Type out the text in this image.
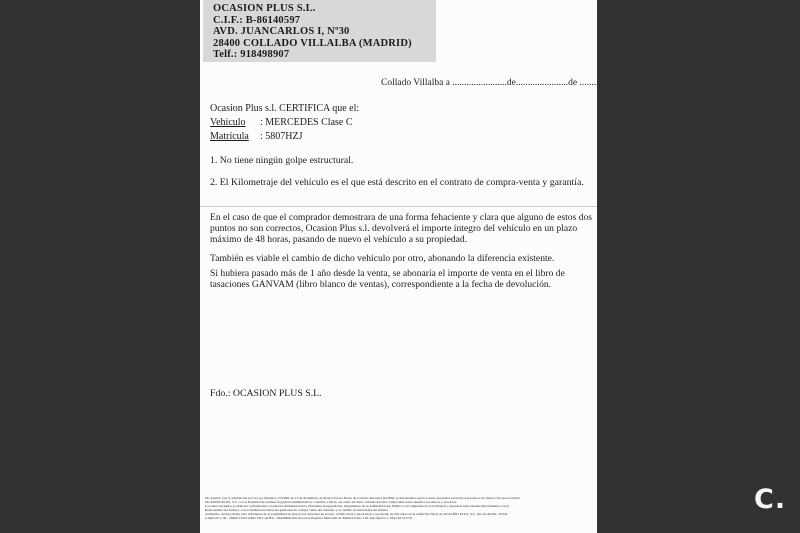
OCASION PLUS S.L.
C.I.F.: B-86140597
AVD. JUANCARLOS I, Nº30
28400 COLLADO VILLALBA (MADRID)
Telf.: 918498907
Collado Villalba a .......................de......................de .........
Ocasion Plus s.l. CERTIFICA que el:
Vehículo : MERCEDES Clase C
Matrícula : 5807HZJ
1. No tiene ningún golpe estructural.
2. El Kilometraje del vehículo es el que está descrito en el contrato de compra-venta y garantía.
En el caso de que el comprador demostrara de una forma fehaciente y clara que alguno de estos dos puntos no son correctos, Ocasion Plus s.l. devolverá el importe íntegro del vehículo en un plazo máximo de 48 horas, pasando de nuevo el vehículo a su propiedad.
También es viable el cambio de dicho vehículo por otro, abonando la diferencia existente.
Si hubiera pasado más de 1 año desde la venta, se abonaría el importe de venta en el libro de tasaciones GANVAM (libro blanco de ventas), correspondiente a la fecha de devolución.
Fdo.: OCASION PLUS S.L.
De acuerdo con lo establecido por la Ley Orgánica 15/1999, de 13 de diciembre, de Protección de Datos de Carácter Personal (LOPD), le informamos que los datos aportados serán incorporados a un fichero del que es titular
OCASIÓN PLUS, S.L. con la finalidad de realizar la gestión administrativa, contable y fiscal, así como enviarle comunicaciones comerciales sobre nuestros productos y servicios.
Los datos incluidos podrán ser comunicados a Gestores Administrativos, Entidades Aseguradoras, Organismos de la Administración Pública con competencia en la materia y personas relacionadas directamente con el
Responsable del fichero, con la finalidad realizar las gestiones de compra venta del vehículo y el cambio de titularidad del mismo.
Asimismo, declaro haber sido informado de la posibilidad de ejercer los derechos de acceso, rectificación, cancelación y oposición de mis datos en el domicilio fiscal de OCASIÓN PLUS, S.L. sito en AVDA. JUAN
CARLOS I, 30 - 28400 COLLADO VILLALBA - MADRID Inscrita en el Registro Mercantil de Madrid Tomo 150, Inscripción 1, Hoja M 511731
C.
